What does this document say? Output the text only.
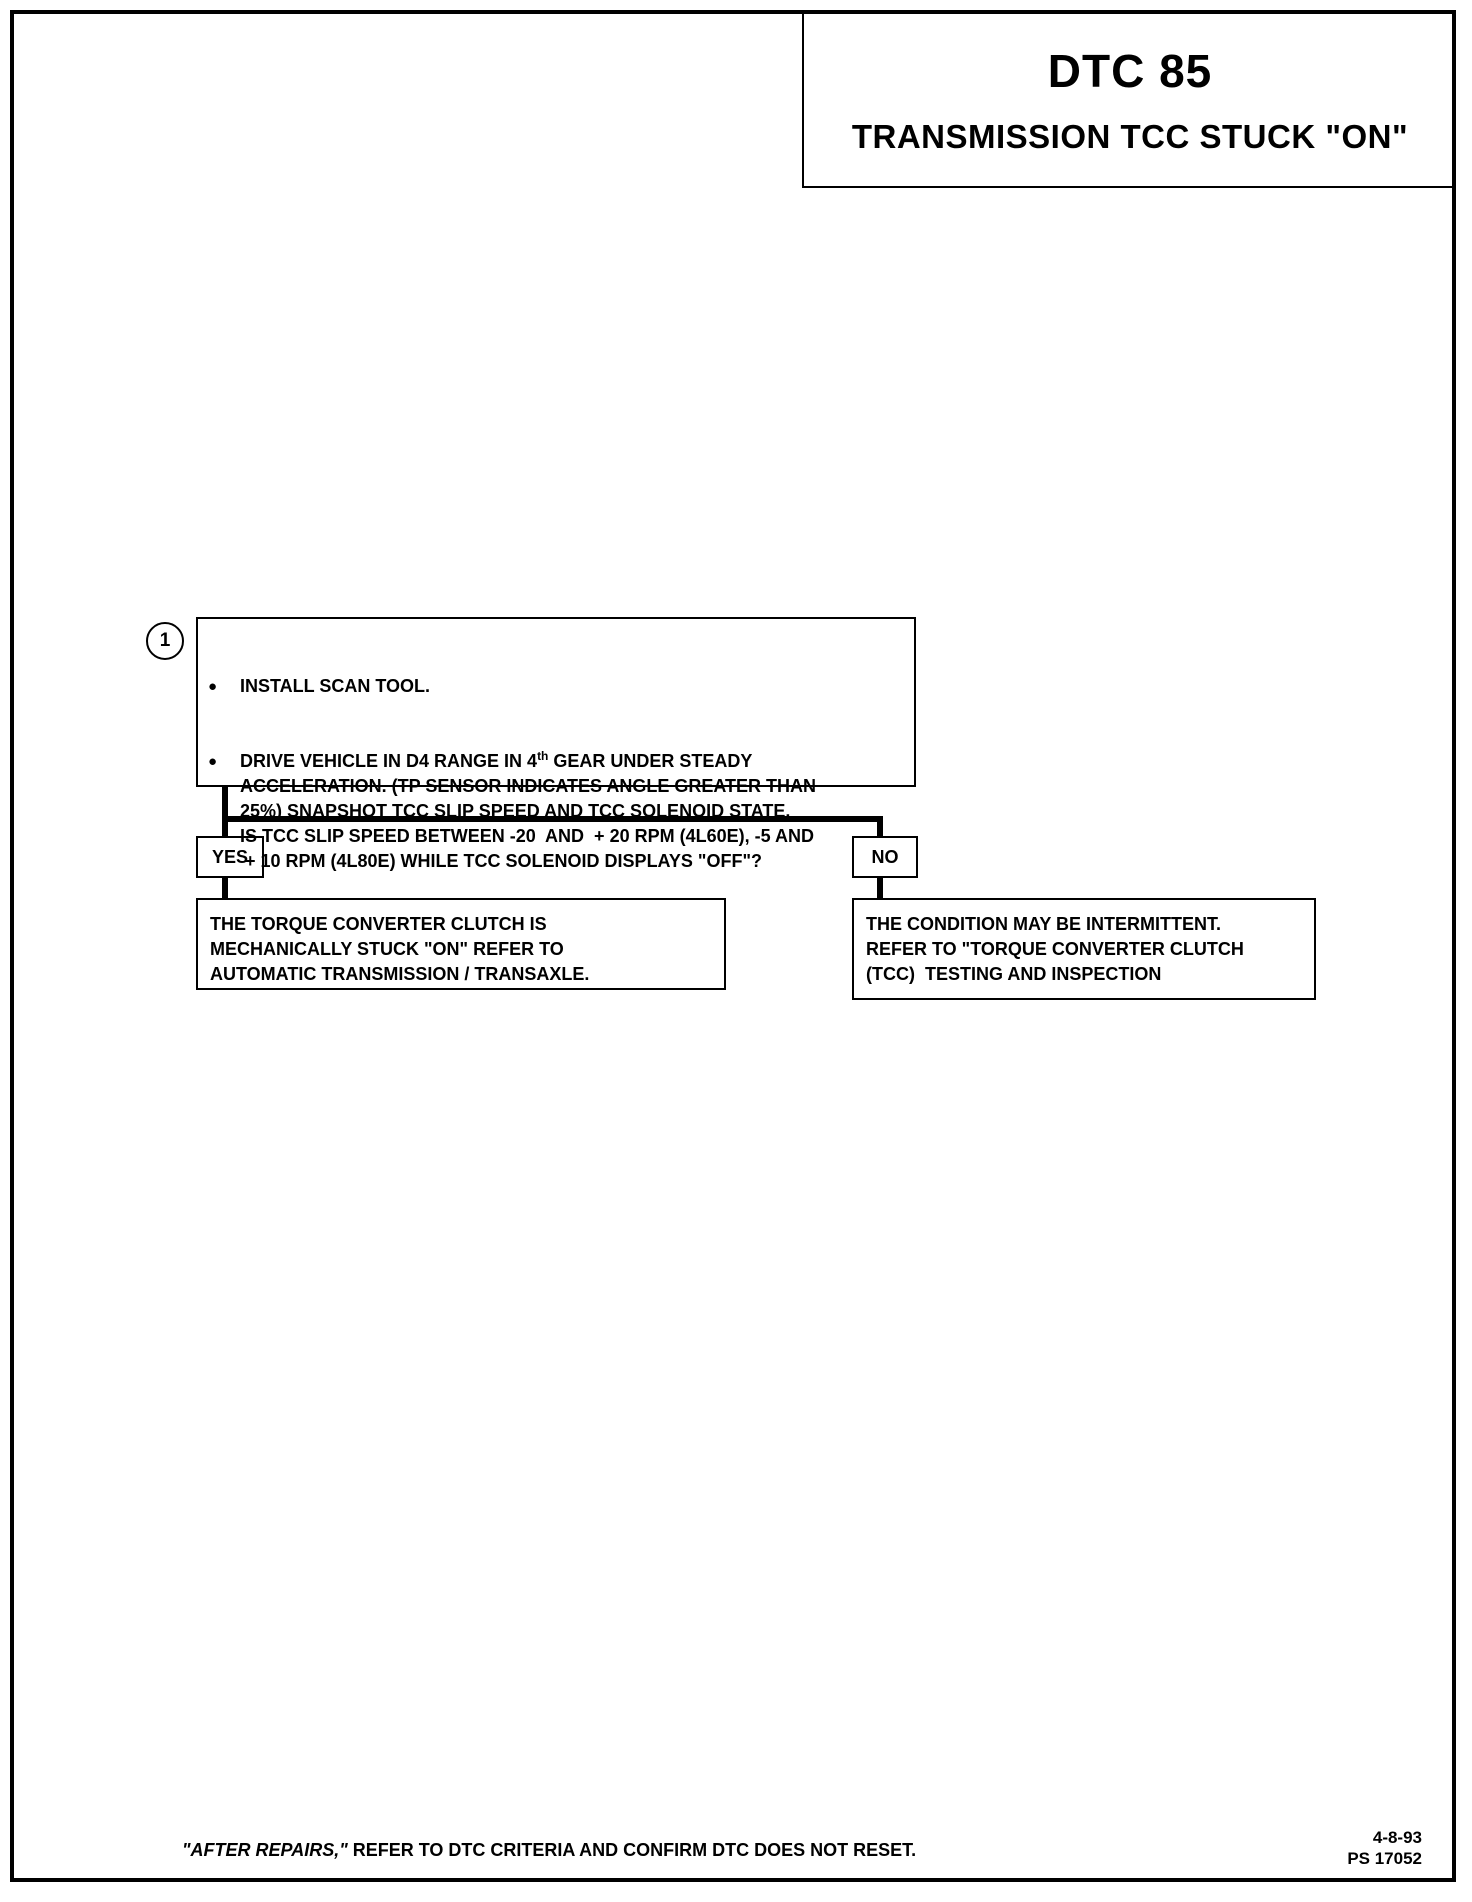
DTC 85
TRANSMISSION TCC STUCK "ON"
1

●	INSTALL SCAN TOOL.

●	DRIVE VEHICLE IN D4 RANGE IN 4th GEAR UNDER STEADY
ACCELERATION. (TP SENSOR INDICATES ANGLE GREATER THAN
25%) SNAPSHOT TCC SLIP SPEED AND TCC SOLENOID STATE.
IS TCC SLIP SPEED BETWEEN -20  AND  + 20 RPM (4L60E), -5 AND
+ 10 RPM (4L80E) WHILE TCC SOLENOID DISPLAYS "OFF"?

YES	NO
THE TORQUE CONVERTER CLUTCH IS
MECHANICALLY STUCK "ON" REFER TO
AUTOMATIC TRANSMISSION / TRANSAXLE.
THE CONDITION MAY BE INTERMITTENT.
REFER TO "TORQUE CONVERTER CLUTCH
(TCC)  TESTING AND INSPECTION
"AFTER REPAIRS," REFER TO DTC CRITERIA AND CONFIRM DTC DOES NOT RESET.
4-8-93
PS 17052
